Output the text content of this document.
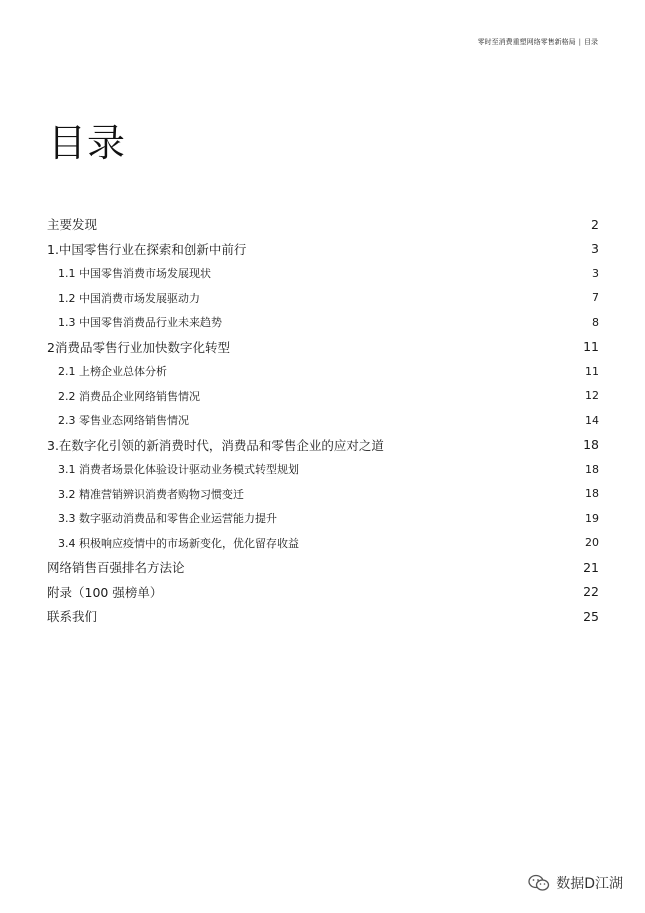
零时至消费重塑网络零售新格局 | 目录
目录
主要发现	2
1.中国零售行业在探索和创新中前行	3
1.1 中国零售消费市场发展现状	3
1.2 中国消费市场发展驱动力	7
1.3 中国零售消费品行业未来趋势	8
2消费品零售行业加快数字化转型	11
2.1 上榜企业总体分析	11
2.2 消费品企业网络销售情况	12
2.3 零售业态网络销售情况	14
3.在数字化引领的新消费时代，消费品和零售企业的应对之道	18
3.1 消费者场景化体验设计驱动业务模式转型规划	18
3.2 精准营销辨识消费者购物习惯变迁	18
3.3 数字驱动消费品和零售企业运营能力提升	19
3.4 积极响应疫情中的市场新变化，优化留存收益	20
网络销售百强排名方法论	21
附录（100 强榜单）	22
联系我们	25
数据D江湖
